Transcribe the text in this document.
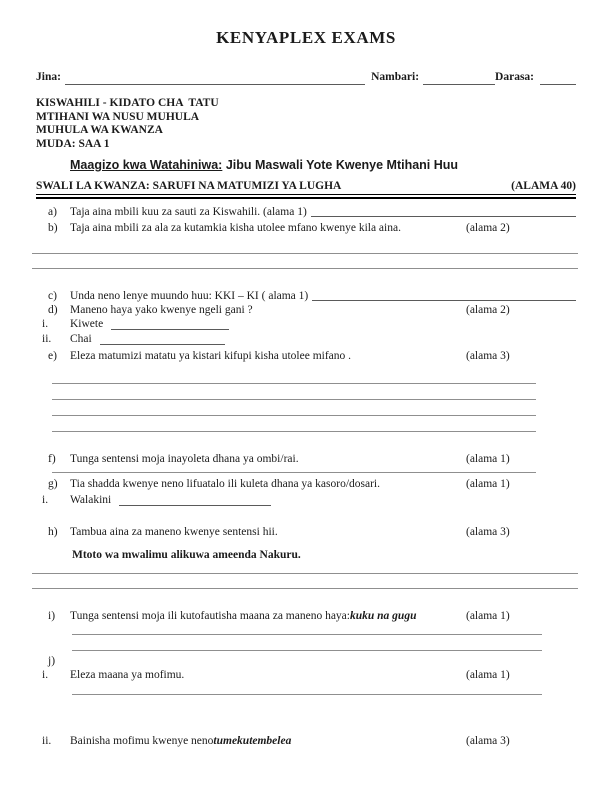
KENYAPLEX EXAMS
Jina:	Nambari:	Darasa:
KISWAHILI - KIDATO CHA  TATU
MTIHANI WA NUSU MUHULA
MUHULA WA KWANZA
MUDA: SAA 1
Maagizo kwa Watahiniwa: Jibu Maswali Yote Kwenye Mtihani Huu
SWALI LA KWANZA: SARUFI NA MATUMIZI YA LUGHA	(ALAMA 40)
a)	Taja aina mbili kuu za sauti za Kiswahili. (alama 1)
b)	Taja aina mbili za ala za kutamkia kisha utolee mfano kwenye kila aina.	(alama 2)
c)	Unda neno lenye muundo huu: KKI – KI ( alama 1)
d)	Maneno haya yako kwenye ngeli gani ?	(alama 2)
i.	Kiwete
ii.	Chai
e)	Eleza matumizi matatu ya kistari kifupi kisha utolee mifano .	(alama 3)
f)	Tunga sentensi moja inayoleta dhana ya ombi/rai.	(alama 1)
g)	Tia shadda kwenye neno lifuatalo ili kuleta dhana ya kasoro/dosari.	(alama 1)
i.	Walakini
h)	Tambua aina za maneno kwenye sentensi hii.	(alama 3)
Mtoto wa mwalimu alikuwa ameenda Nakuru.
i)	Tunga sentensi moja ili kutofautisha maana za maneno haya: kuku na gugu	(alama 1)
j)
i.	Eleza maana ya mofimu.	(alama 1)
ii.	Bainisha mofimu kwenye neno tumekutembelea	(alama 3)
